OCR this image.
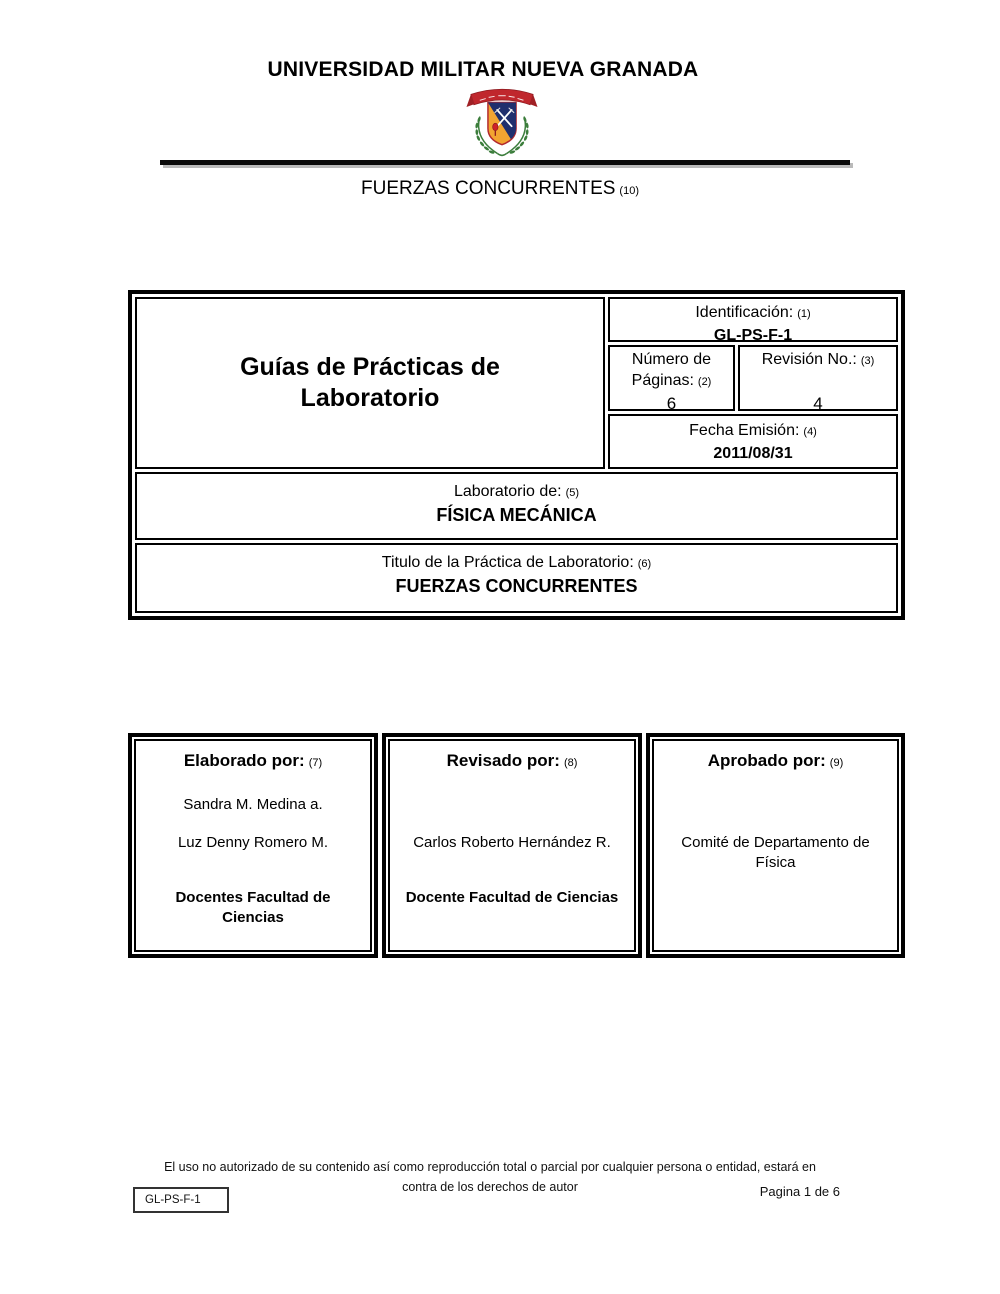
UNIVERSIDAD MILITAR NUEVA GRANADA
FUERZAS CONCURRENTES (10)
Guías de Prácticas de Laboratorio
Identificación: (1)
GL-PS-F-1
Número de Páginas: (2)
6
Revisión No.: (3)
4
Fecha Emisión: (4)
2011/08/31
Laboratorio de: (5)
FÍSICA MECÁNICA
Titulo de la Práctica de Laboratorio: (6)
FUERZAS CONCURRENTES
Elaborado por: (7)
Sandra M. Medina a.
Luz Denny Romero M.
Docentes Facultad de Ciencias
Revisado por: (8)
Carlos Roberto Hernández R.
Docente Facultad de Ciencias
Aprobado por: (9)
Comité de Departamento de Física
El uso no autorizado de su contenido así como reproducción total o parcial por cualquier persona o entidad, estará en
contra de los derechos de autor	Pagina 1 de 6
GL-PS-F-1
